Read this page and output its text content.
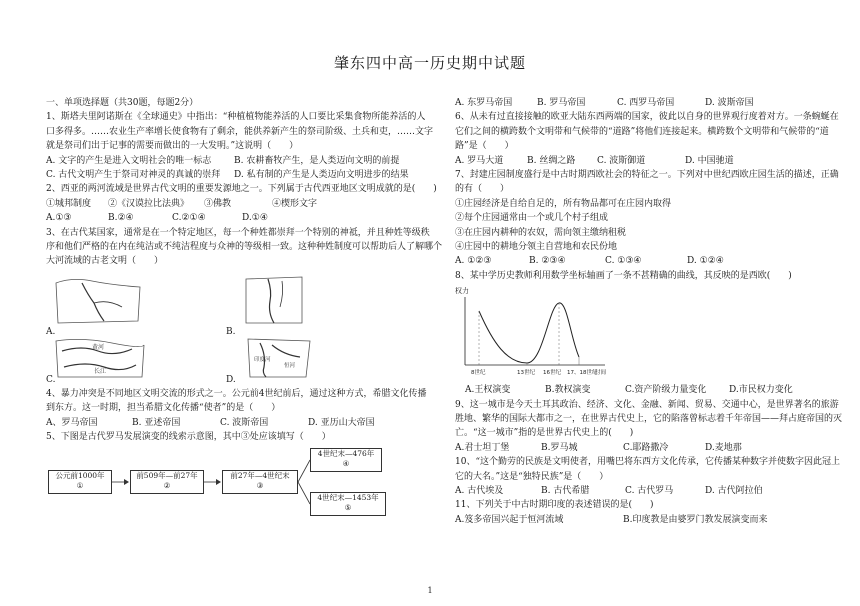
肇东四中高一历史期中试题

一、单项选择题（共30题，每题2分）

1、斯塔夫里阿诺斯在《全球通史》中指出：“种植植物能养活的人口要比采集食物所能养活的人

口多得多。……农业生产率增长使食物有了剩余，能供养新产生的祭司阶级、土兵和吏，……文字

就是祭司们出于记事的需要而做出的一大发明。”这说明（　　）

A. 文字的产生是进入文明社会的唯一标志	B. 农耕畜牧产生，是人类迈向文明的前提
C. 古代文明产生于祭司对神灵的真诚的崇拜 D. 私有制的产生是人类迈向文明进步的结果

2、西亚的两河流域是世界古代文明的重要发源地之一。下列属于古代西亚地区文明成就的是(　　)

①城邦制度 ②《汉谟拉比法典》 ③佛教	④楔形文字
A.①③	B.②④	C.②①④	D.①④

3、在古代某国家，通常是在一个特定地区，每一个种姓都崇拜一个特别的神祗，并且种姓等级秩

序和他们严格的在内在纯洁或不纯洁程度与众神的等级相一致。这种种姓制度可以帮助后人了解哪个

大河流域的古老文明（　　）

A.	B.
黄河
长江
C.
印度河
恒河
D.

4、暴力冲突是不同地区文明交流的形式之一。公元前4世纪前后，通过这种方式，希腊文化传播

到东方。这一时期，担当希腊文化传播“使者”的是（　　）

A、罗马帝国	B. 亚述帝国	C. 波斯帝国	D. 亚历山大帝国

5、下图是古代罗马发展演变的线索示意图，其中③处应该填写（　　）

公元前1000年
①
前509年—前27年
②
前27年—4世纪末
③
4世纪末—476年
④
4世纪末—1453年
⑤
A. 东罗马帝国	B. 罗马帝国	C. 西罗马帝国	D. 波斯帝国

6、从未有过直接接触的欧亚大陆东西两端的国家，彼此以自身的世界观行度着对方。一条蜿蜒在

它们之间的横跨数个文明带和气候带的“道路”将他们连接起来。横跨数个文明带和气候带的“道

路”是（　　）

A. 罗马大道	B. 丝绸之路 C. 波斯御道	D. 中国驰道

7、封建庄园制度盛行是中古时期西欧社会的特征之一。下列对中世纪西欧庄园生活的描述，正确

的有（　　）

①庄园经济是自给自足的，所有物品都可在庄园内取得

②每个庄园通常由一个或几个村子组成

③在庄园内耕种的农奴，需向领主缴纳租税

④庄园中的耕地分领主自营地和农民份地

A. ①②③	B. ②③④	C. ①③④	D. ①②④

8、某中学历史教师利用数学坐标轴画了一条不甚精确的曲线，其反映的是西欧(　　)

权力
8世纪	13世纪 16世纪 17、18世纪
时间
A.王权演变	B.教权演变	C.资产阶级力量变化	D.市民权力变化

9、这一城市是今天土耳其政治、经济、文化、金融、新闻、贸易、交通中心，是世界著名的旅游

胜地、繁华的国际大都市之一，在世界古代史上，它的陷落曾标志着千年帝国——拜占庭帝国的灭

亡。“这一城市”指的是世界古代史上的(　　)

A.君士坦丁堡	B.罗马城	C.耶路撒冷	D.麦地那

10、“这个勤劳的民族是文明使者，用嘴巴将东西方文化传承，它传播某种数字并使数字因此冠上

它的大名。”这是“独特民族”是（　　）

A. 古代埃及	B. 古代希腊	C. 古代罗马	D. 古代阿拉伯

11、下列关于中古时期印度的表述错误的是(　　)

A.笈多帝国兴起于恒河流域	B.印度教是由婆罗门教发展演变而来
1
